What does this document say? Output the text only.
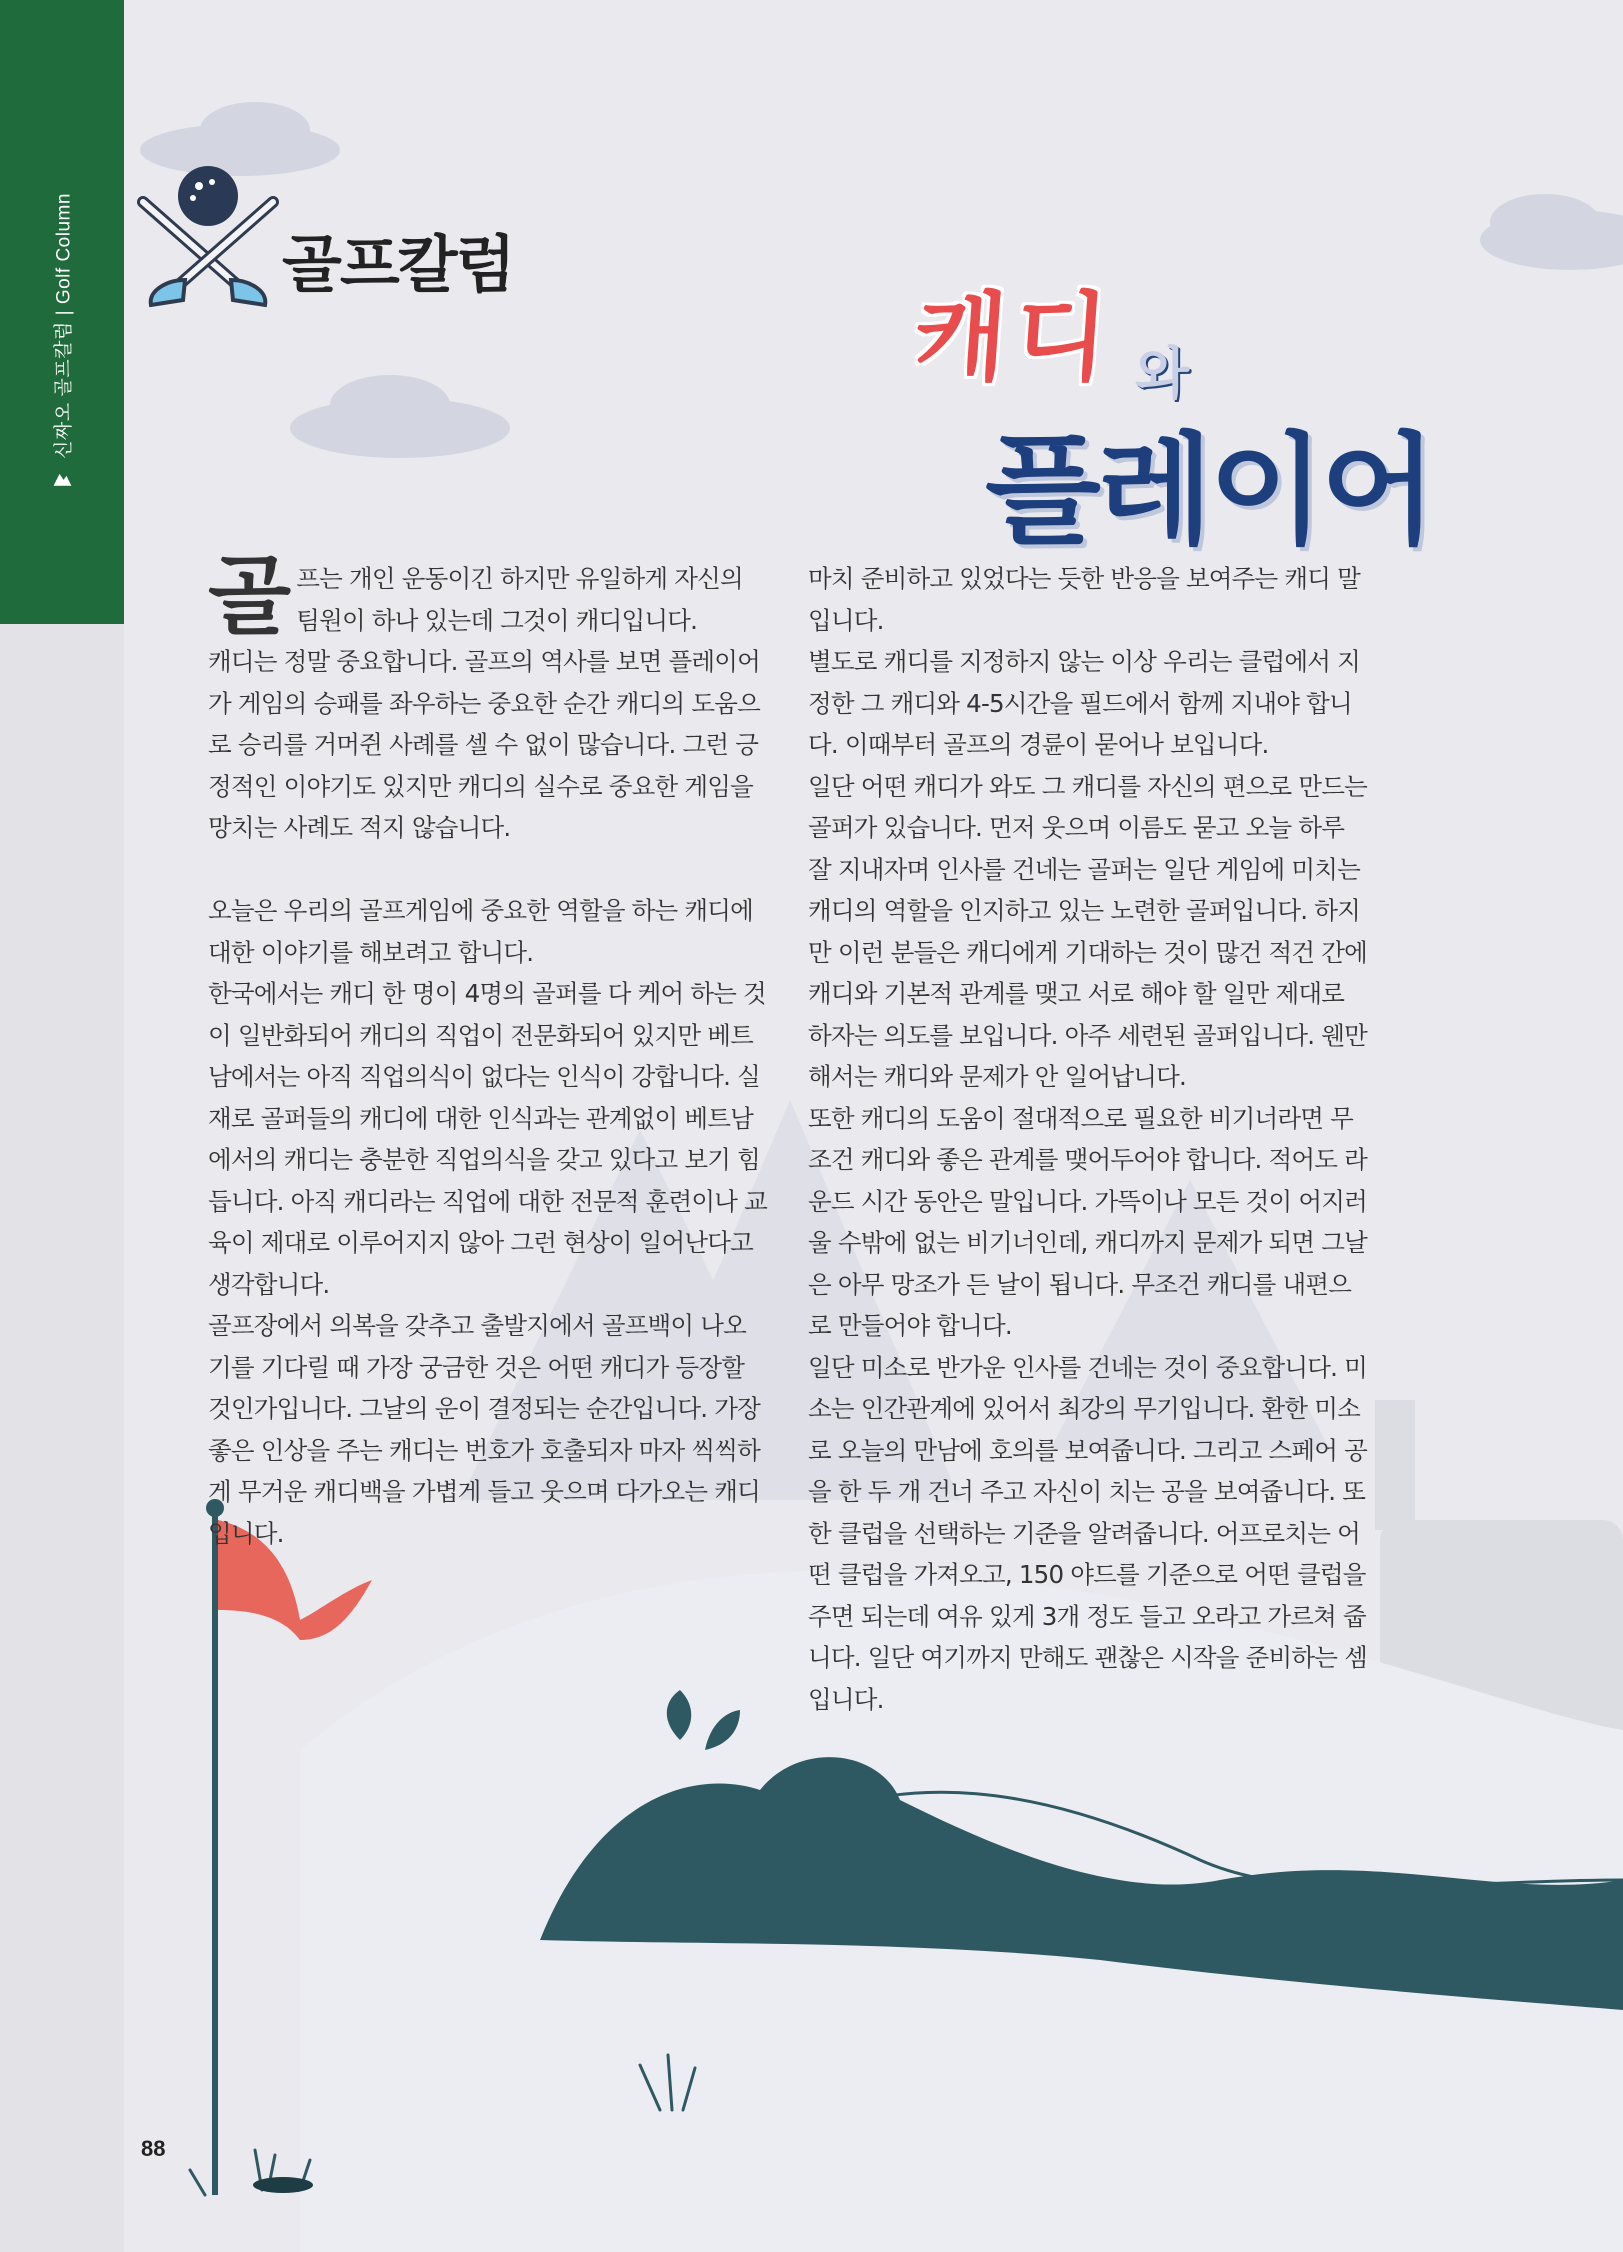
신짜오 골프칼럼 | Golf Column	골프칼럼
캐디 와
플레이어
골 프는 개인 운동이긴 하지만 유일하게 자신의 팀원이 하나 있는데 그것이 캐디입니다.

캐디는 정말 중요합니다. 골프의 역사를 보면 플레이어가 게임의 승패를 좌우하는 중요한 순간 캐디의 도움으로 승리를 거머쥔 사례를 셀 수 없이 많습니다. 그런 긍정적인 이야기도 있지만 캐디의 실수로 중요한 게임을 망치는 사례도 적지 않습니다.

오늘은 우리의 골프게임에 중요한 역할을 하는 캐디에 대한 이야기를 해보려고 합니다.

한국에서는 캐디 한 명이 4명의 골퍼를 다 케어 하는 것이 일반화되어 캐디의 직업이 전문화되어 있지만 베트남에서는 아직 직업의식이 없다는 인식이 강합니다. 실재로 골퍼들의 캐디에 대한 인식과는 관계없이 베트남에서의 캐디는 충분한 직업의식을 갖고 있다고 보기 힘듭니다. 아직 캐디라는 직업에 대한 전문적 훈련이나 교육이 제대로 이루어지지 않아 그런 현상이 일어난다고 생각합니다.

골프장에서 의복을 갖추고 출발지에서 골프백이 나오기를 기다릴 때 가장 궁금한 것은 어떤 캐디가 등장할 것인가입니다. 그날의 운이 결정되는 순간입니다. 가장 좋은 인상을 주는 캐디는 번호가 호출되자 마자 씩씩하게 무거운 캐디백을 가볍게 들고 웃으며 다가오는 캐디입니다.

마치 준비하고 있었다는 듯한 반응을 보여주는 캐디 말입니다.

별도로 캐디를 지정하지 않는 이상 우리는 클럽에서 지정한 그 캐디와 4-5시간을 필드에서 함께 지내야 합니다. 이때부터 골프의 경륜이 묻어나 보입니다.

일단 어떤 캐디가 와도 그 캐디를 자신의 편으로 만드는 골퍼가 있습니다. 먼저 웃으며 이름도 묻고 오늘 하루 잘 지내자며 인사를 건네는 골퍼는 일단 게임에 미치는 캐디의 역할을 인지하고 있는 노련한 골퍼입니다. 하지만 이런 분들은 캐디에게 기대하는 것이 많건 적건 간에 캐디와 기본적 관계를 맺고 서로 해야 할 일만 제대로 하자는 의도를 보입니다. 아주 세련된 골퍼입니다. 웬만해서는 캐디와 문제가 안 일어납니다.

또한 캐디의 도움이 절대적으로 필요한 비기너라면 무조건 캐디와 좋은 관계를 맺어두어야 합니다. 적어도 라운드 시간 동안은 말입니다. 가뜩이나 모든 것이 어지러울 수밖에 없는 비기너인데, 캐디까지 문제가 되면 그날은 아무 망조가 든 날이 됩니다. 무조건 캐디를 내편으로 만들어야 합니다.

일단 미소로 반가운 인사를 건네는 것이 중요합니다. 미소는 인간관계에 있어서 최강의 무기입니다. 환한 미소로 오늘의 만남에 호의를 보여줍니다. 그리고 스페어 공을 한 두 개 건너 주고 자신이 치는 공을 보여줍니다. 또한 클럽을 선택하는 기준을 알려줍니다. 어프로치는 어떤 클럽을 가져오고, 150 야드를 기준으로 어떤 클럽을 주면 되는데 여유 있게 3개 정도 들고 오라고 가르쳐 줍니다. 일단 여기까지 만해도 괜찮은 시작을 준비하는 셈입니다.

88
